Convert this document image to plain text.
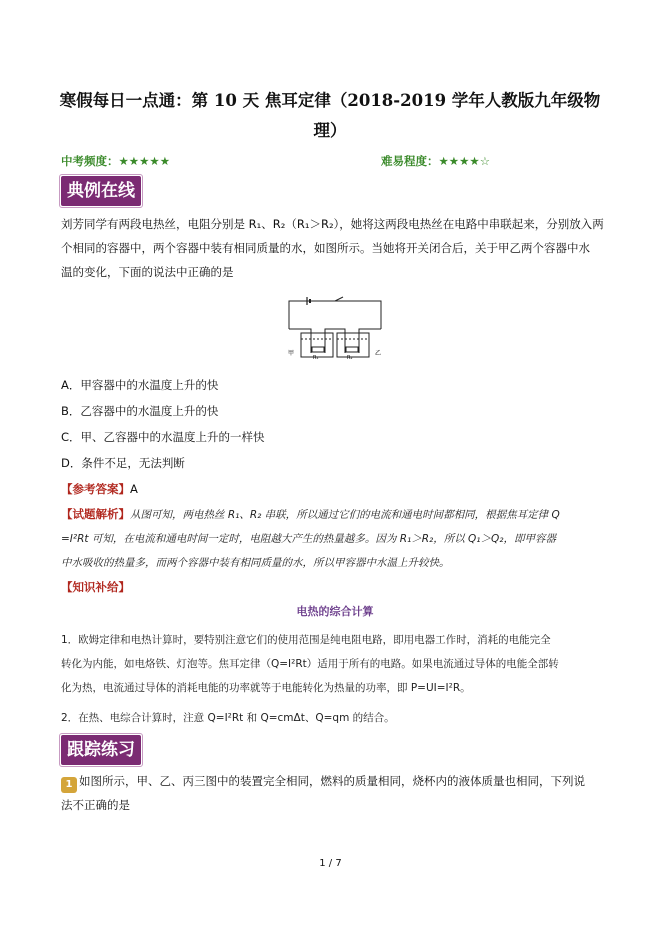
寒假每日一点通：第 10 天 焦耳定律（2018-2019 学年人教版九年级物
理）
中考频度：★★★★★	难易程度：★★★★☆
典例在线
刘芳同学有两段电热丝，电阻分别是 R₁、R₂（R₁＞R₂），她将这两段电热丝在电路中串联起来，分别放入两
个相同的容器中，两个容器中装有相同质量的水，如图所示。当她将开关闭合后，关于甲乙两个容器中水
温的变化，下面的说法中正确的是
甲	乙
R₁	R₂
A．甲容器中的水温度上升的快
B．乙容器中的水温度上升的快
C．甲、乙容器中的水温度上升的一样快
D．条件不足，无法判断
【参考答案】A
【试题解析】从图可知，两电热丝 R₁、R₂ 串联，所以通过它们的电流和通电时间都相同，根据焦耳定律 Q
=I²Rt 可知，在电流和通电时间一定时，电阻越大产生的热量越多。因为 R₁＞R₂，所以 Q₁＞Q₂，即甲容器
中水吸收的热量多，而两个容器中装有相同质量的水，所以甲容器中水温上升较快。
【知识补给】
电热的综合计算
1．欧姆定律和电热计算时，要特别注意它们的使用范围是纯电阻电路，即用电器工作时，消耗的电能完全
转化为内能，如电烙铁、灯泡等。焦耳定律（Q=I²Rt）适用于所有的电路。如果电流通过导体的电能全部转
化为热，电流通过导体的消耗电能的功率就等于电能转化为热量的功率，即 P=UI=I²R。
2．在热、电综合计算时，注意 Q=I²Rt 和 Q=cmΔt、Q=qm 的结合。
跟踪练习
1 如图所示，甲、乙、丙三图中的装置完全相同，燃料的质量相同，烧杯内的液体质量也相同，下列说
法不正确的是
1 / 7
